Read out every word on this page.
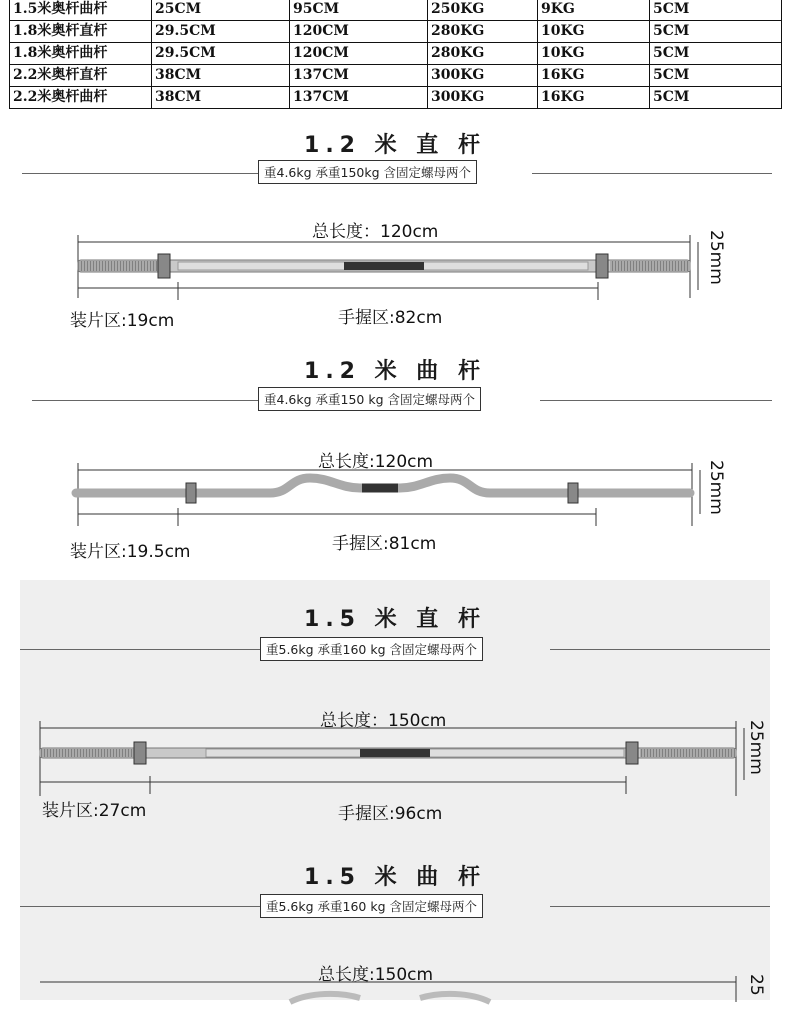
1.5米奥杆曲杆	25CM	95CM	250KG	9KG	5CM
1.8米奥杆直杆	29.5CM	120CM	280KG	10KG	5CM
1.8米奥杆曲杆	29.5CM	120CM	280KG	10KG	5CM
2.2米奥杆直杆	38CM	137CM	300KG	16KG	5CM
2.2米奥杆曲杆	38CM	137CM	300KG	16KG	5CM
1.2 米 直 杆
重4.6kg 承重150kg 含固定螺母两个
总长度：120cm	25mm
装片区:19cm	手握区:82cm
1.2 米 曲 杆
重4.6kg 承重150 kg 含固定螺母两个
总长度:120cm	25mm
装片区:19.5cm	手握区:81cm
1.5 米 直 杆
重5.6kg 承重160 kg 含固定螺母两个
总长度：150cm	25mm
装片区:27cm	手握区:96cm
1.5 米 曲 杆
重5.6kg 承重160 kg 含固定螺母两个
总长度:150cm	25
